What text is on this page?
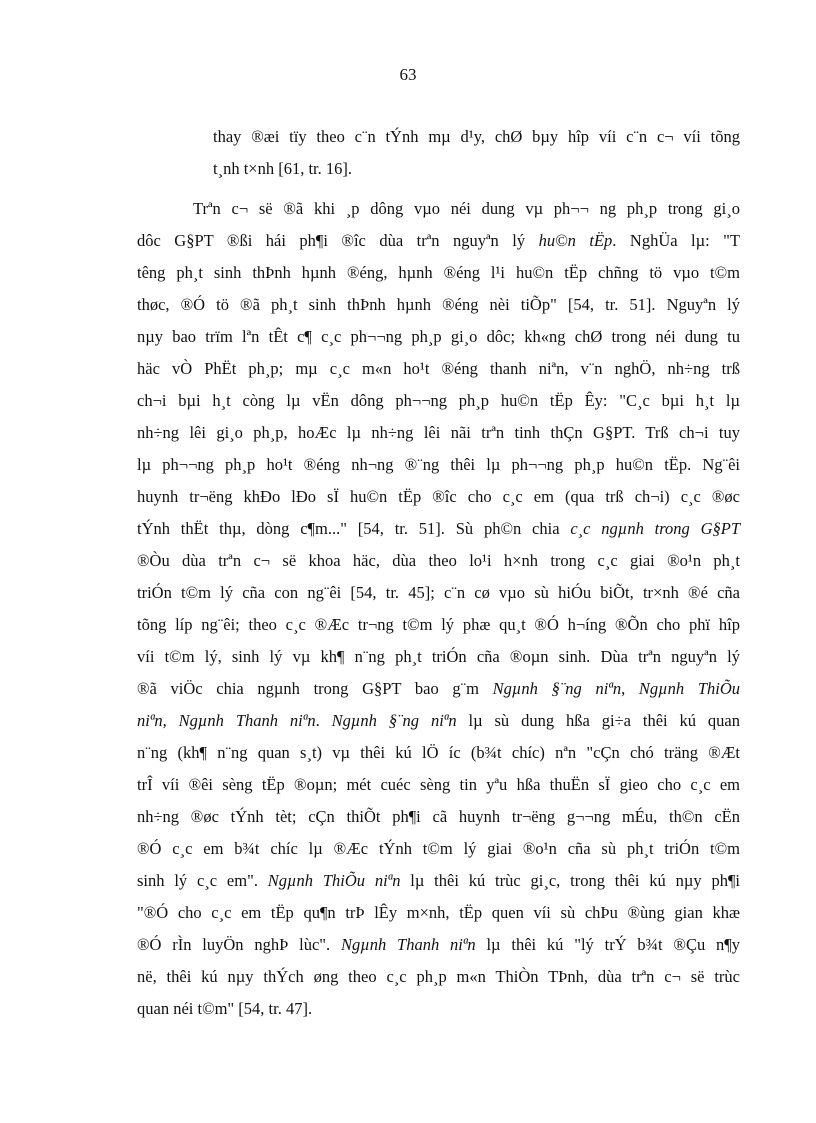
63
thay ®æi tïy theo c¨n tÝnh mµ d¹y, chØ bµy hîp víi c¨n c¬ víi tõng
t¸nh t×nh [61, tr. 16].
Trªn c¬ së ®ã khi ¸p dông vµo néi dung vµ ph¬¬ ng ph¸p trong gi¸o
dôc G§PT ®ßi hái ph¶i ®îc dùa trªn nguyªn lý hu©n tËp. NghÜa lµ: "T
têng ph¸t sinh thÞnh hµnh ®éng, hµnh ®éng l¹i hu©n tËp chñng tö vµo t©m
thøc, ®Ó tö ®ã ph¸t sinh thÞnh hµnh ®éng nèi tiÕp" [54, tr. 51]. Nguyªn lý
nµy bao trïm lªn tÊt c¶ c¸c ph¬¬ng ph¸p gi¸o dôc; kh«ng chØ trong néi dung tu
häc vÒ PhËt ph¸p; mµ c¸c m«n ho¹t ®éng thanh niªn, v¨n nghÖ, nh÷ng trß
ch¬i bµi h¸t còng lµ vËn dông ph¬¬ng ph¸p hu©n tËp Êy: "C¸c bµi h¸t lµ
nh÷ng lêi gi¸o ph¸p, hoÆc lµ nh÷ng lêi nãi trªn tinh thÇn G§PT. Trß ch¬i tuy
lµ ph¬¬ng ph¸p ho¹t ®éng nh¬ng ®¨ng thêi lµ ph¬¬ng ph¸p hu©n tËp. Ng¨êi
huynh tr¬ëng khÐo lÐo sÏ hu©n tËp ®îc cho c¸c em (qua trß ch¬i) c¸c ®øc
tÝnh thËt thµ, dòng c¶m..." [54, tr. 51]. Sù ph©n chia c¸c ngµnh trong G§PT
®Òu dùa trªn c¬ së khoa häc, dùa theo lo¹i h×nh trong c¸c giai ®o¹n ph¸t
triÓn t©m lý cña con ng¨êi [54, tr. 45]; c¨n cø vµo sù hiÓu biÕt, tr×nh ®é cña
tõng líp ng¨êi; theo c¸c ®Æc tr¬ng t©m lý phæ qu¸t ®Ó h¬íng ®Õn cho phï hîp
víi t©m lý, sinh lý vµ kh¶ n¨ng ph¸t triÓn cña ®oµn sinh. Dùa trªn nguyªn lý
®ã viÖc chia ngµnh trong G§PT bao g¨m Ngµnh §¨ng niªn, Ngµnh ThiÕu
niªn, Ngµnh Thanh niªn. Ngµnh §¨ng niªn lµ sù dung hßa gi÷a thêi kú quan
n¨ng (kh¶ n¨ng quan s¸t) vµ thêi kú lÖ íc (b¾t chíc) nªn "cÇn chó träng ®Æt
trÎ víi ®êi sèng tËp ®oµn; mét cuéc sèng tin yªu hßa thuËn sÏ gieo cho c¸c em
nh÷ng ®øc tÝnh tèt; cÇn thiÕt ph¶i cã huynh tr¬ëng g¬¬ng mÉu, th©n cËn
®Ó c¸c em b¾t chíc lµ ®Æc tÝnh t©m lý giai ®o¹n cña sù ph¸t triÓn t©m
sinh lý c¸c em". Ngµnh ThiÕu niªn lµ thêi kú trùc gi¸c, trong thêi kú nµy ph¶i
"®Ó cho c¸c em tËp qu¶n trÞ lÊy m×nh, tËp quen víi sù chÞu ®ùng gian khæ
®Ó rÌn luyÖn nghÞ lùc". Ngµnh Thanh niªn lµ thêi kú "lý trÝ b¾t ®Çu n¶y
në, thêi kú nµy thÝch øng theo c¸c ph¸p m«n ThiÒn TÞnh, dùa trªn c¬ së trùc
quan néi t©m" [54, tr. 47].
